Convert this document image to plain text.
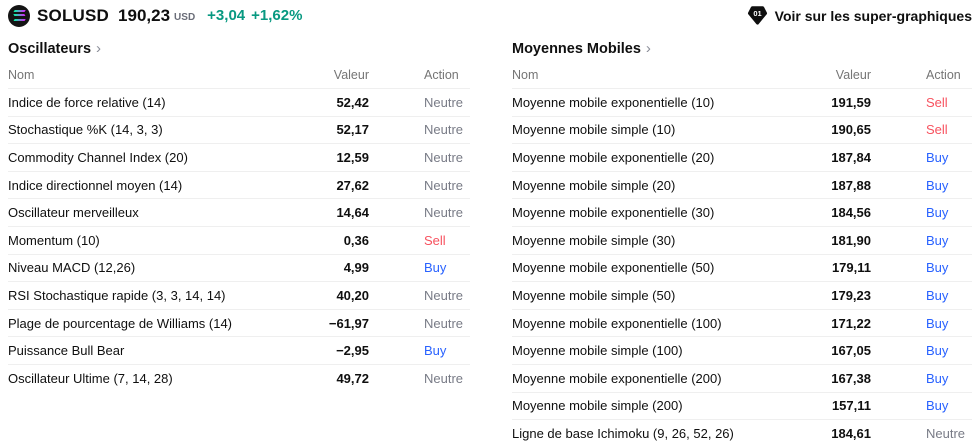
SOLUSD 190,23 USD +3,04 +1,62%	01 Voir sur les super-graphiques
Oscillateurs ›
Nom	Valeur	Action
Indice de force relative (14)	52,42	Neutre
Stochastique %K (14, 3, 3)	52,17	Neutre
Commodity Channel Index (20)	12,59	Neutre
Indice directionnel moyen (14)	27,62	Neutre
Oscillateur merveilleux	14,64	Neutre
Momentum (10)	0,36	Sell
Niveau MACD (12,26)	4,99	Buy
RSI Stochastique rapide (3, 3, 14, 14)	40,20	Neutre
Plage de pourcentage de Williams (14)	−61,97	Neutre
Puissance Bull Bear	−2,95	Buy
Oscillateur Ultime (7, 14, 28)	49,72	Neutre
Moyennes Mobiles ›
Nom	Valeur	Action
Moyenne mobile exponentielle (10)	191,59	Sell
Moyenne mobile simple (10)	190,65	Sell
Moyenne mobile exponentielle (20)	187,84	Buy
Moyenne mobile simple (20)	187,88	Buy
Moyenne mobile exponentielle (30)	184,56	Buy
Moyenne mobile simple (30)	181,90	Buy
Moyenne mobile exponentielle (50)	179,11	Buy
Moyenne mobile simple (50)	179,23	Buy
Moyenne mobile exponentielle (100)	171,22	Buy
Moyenne mobile simple (100)	167,05	Buy
Moyenne mobile exponentielle (200)	167,38	Buy
Moyenne mobile simple (200)	157,11	Buy
Ligne de base Ichimoku (9, 26, 52, 26)	184,61	Neutre
